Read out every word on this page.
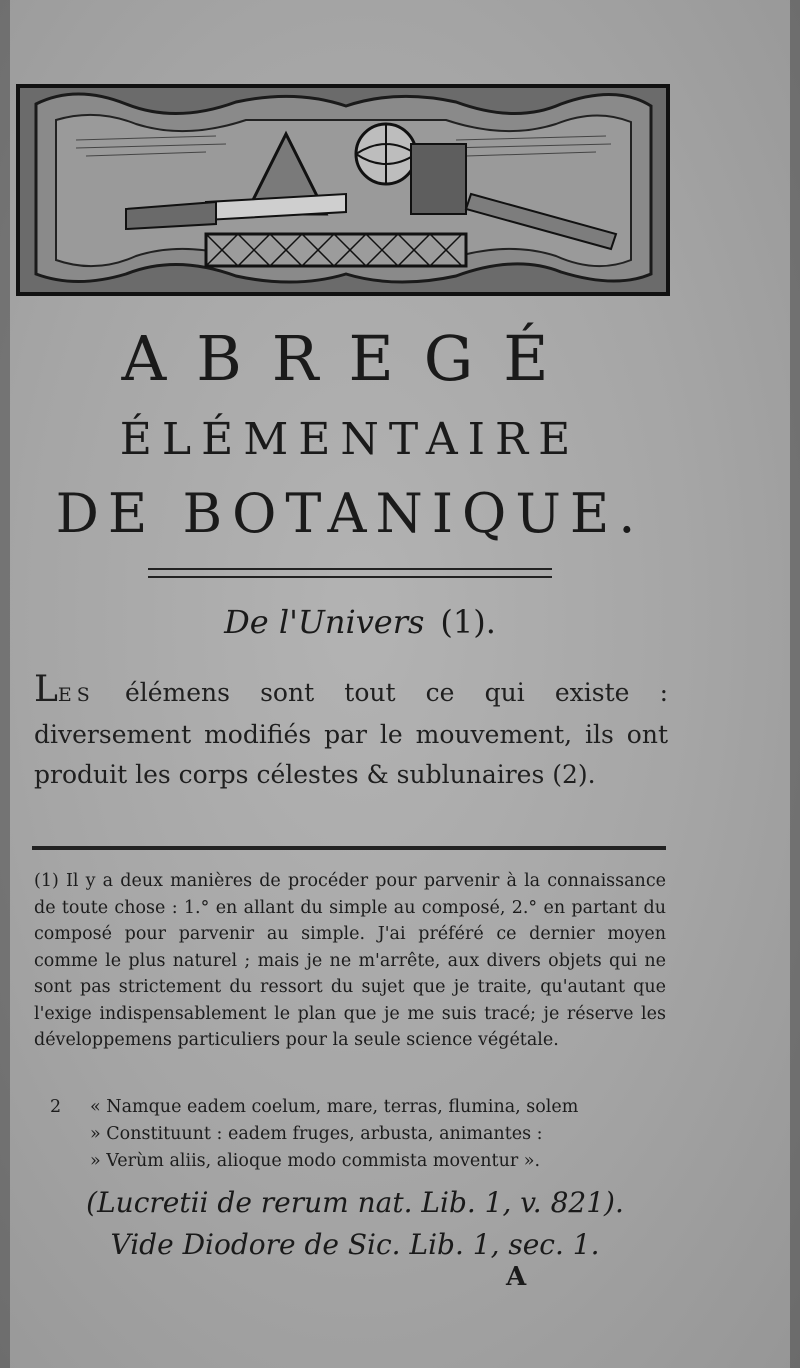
ABREGÉ
ÉLÉMENTAIRE
DE BOTANIQUE.
De l'Univers (1).
LES élémens sont tout ce qui existe : diversement modifiés par le mouvement, ils ont produit les corps célestes & sublunaires (2).
(1) Il y a deux manières de procéder pour parvenir à la connaissance de toute chose : 1.° en allant du simple au composé, 2.° en partant du composé pour parvenir au simple. J'ai préféré ce dernier moyen comme le plus naturel ; mais je ne m'arrête, aux divers objets qui ne sont pas strictement du ressort du sujet que je traite, qu'autant que l'exige indispensablement le plan que je me suis tracé; je réserve les développemens particuliers pour la seule science végétale.
2 « Namque eadem coelum, mare, terras, flumina, solem
» Constituunt : eadem fruges, arbusta, animantes :
» Verùm aliis, alioque modo commista moventur ».
(Lucretii de rerum nat. Lib. 1, v. 821).
Vide Diodore de Sic. Lib. 1, sec. 1.
A
